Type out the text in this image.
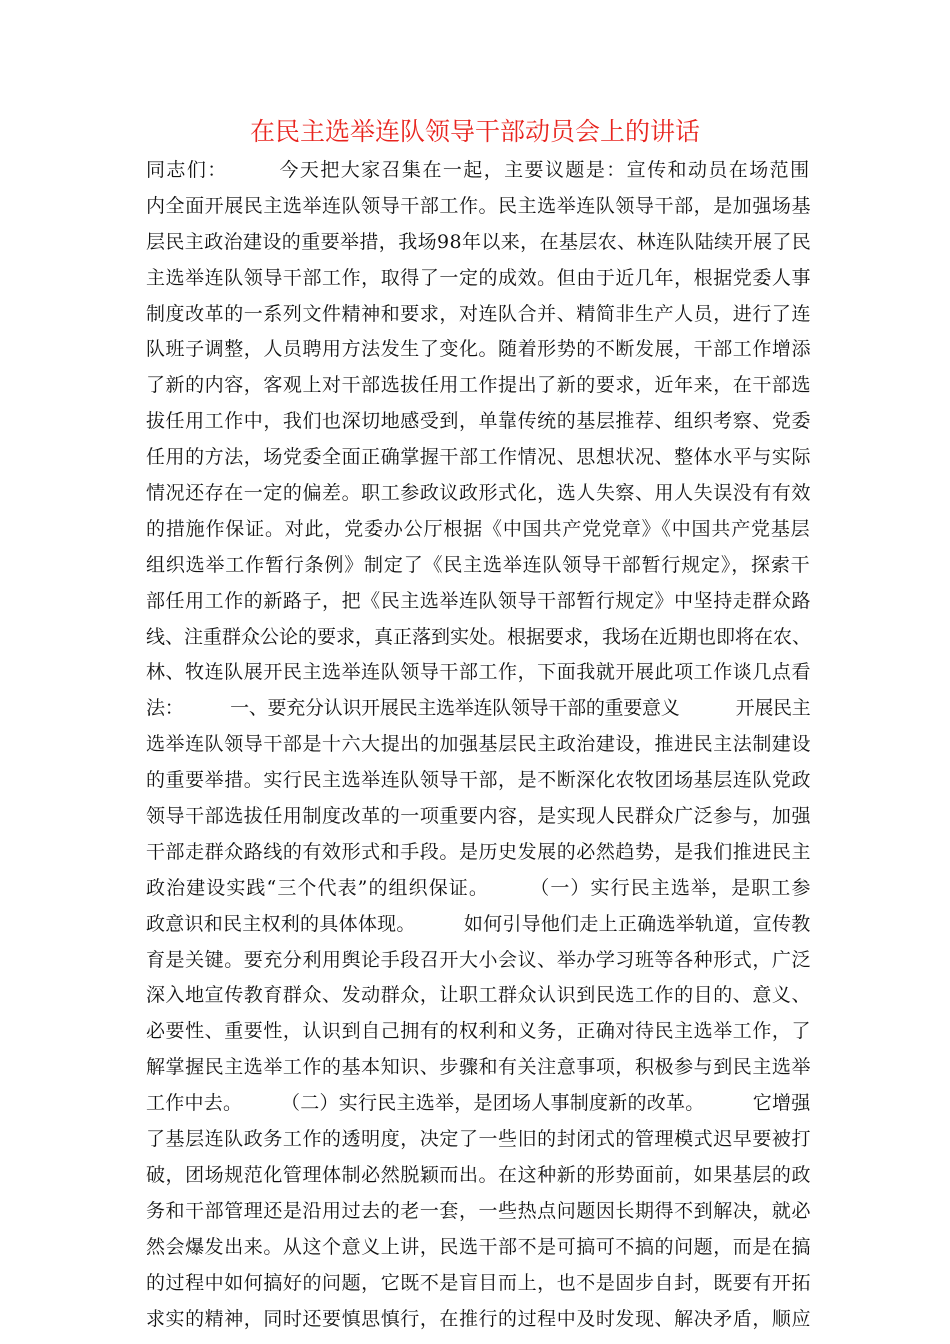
在民主选举连队领导干部动员会上的讲话
同志们：　　　今天把大家召集在一起，主要议题是：宣传和动员在场范围
内全面开展民主选举连队领导干部工作。民主选举连队领导干部，是加强场基
层民主政治建设的重要举措，我场98年以来，在基层农、林连队陆续开展了民
主选举连队领导干部工作，取得了一定的成效。但由于近几年，根据党委人事
制度改革的一系列文件精神和要求，对连队合并、精简非生产人员，进行了连
队班子调整，人员聘用方法发生了变化。随着形势的不断发展，干部工作增添
了新的内容，客观上对干部选拔任用工作提出了新的要求，近年来，在干部选
拔任用工作中，我们也深切地感受到，单靠传统的基层推荐、组织考察、党委
任用的方法，场党委全面正确掌握干部工作情况、思想状况、整体水平与实际
情况还存在一定的偏差。职工参政议政形式化，选人失察、用人失误没有有效
的措施作保证。对此，党委办公厅根据《中国共产党党章》《中国共产党基层
组织选举工作暂行条例》制定了《民主选举连队领导干部暂行规定》，探索干
部任用工作的新路子，把《民主选举连队领导干部暂行规定》中坚持走群众路
线、注重群众公论的要求，真正落到实处。根据要求，我场在近期也即将在农、
林、牧连队展开民主选举连队领导干部工作，下面我就开展此项工作谈几点看
法：　　　一、要充分认识开展民主选举连队领导干部的重要意义　　　开展民主
选举连队领导干部是十六大提出的加强基层民主政治建设，推进民主法制建设
的重要举措。实行民主选举连队领导干部，是不断深化农牧团场基层连队党政
领导干部选拔任用制度改革的一项重要内容，是实现人民群众广泛参与，加强
干部走群众路线的有效形式和手段。是历史发展的必然趋势，是我们推进民主
政治建设实践“三个代表”的组织保证。　　　（一）实行民主选举，是职工参
政意识和民主权利的具体体现。　　　如何引导他们走上正确选举轨道，宣传教
育是关键。要充分利用舆论手段召开大小会议、举办学习班等各种形式，广泛
深入地宣传教育群众、发动群众，让职工群众认识到民选工作的目的、意义、
必要性、重要性，认识到自己拥有的权利和义务，正确对待民主选举工作，了
解掌握民主选举工作的基本知识、步骤和有关注意事项，积极参与到民主选举
工作中去。　　　（二）实行民主选举，是团场人事制度新的改革。　　　它增强
了基层连队政务工作的透明度，决定了一些旧的封闭式的管理模式迟早要被打
破，团场规范化管理体制必然脱颖而出。在这种新的形势面前，如果基层的政
务和干部管理还是沿用过去的老一套，一些热点问题因长期得不到解决，就必
然会爆发出来。从这个意义上讲，民选干部不是可搞可不搞的问题，而是在搞
的过程中如何搞好的问题，它既不是盲目而上，也不是固步自封，既要有开拓
求实的精神，同时还要慎思慎行，在推行的过程中及时发现、解决矛盾，顺应
